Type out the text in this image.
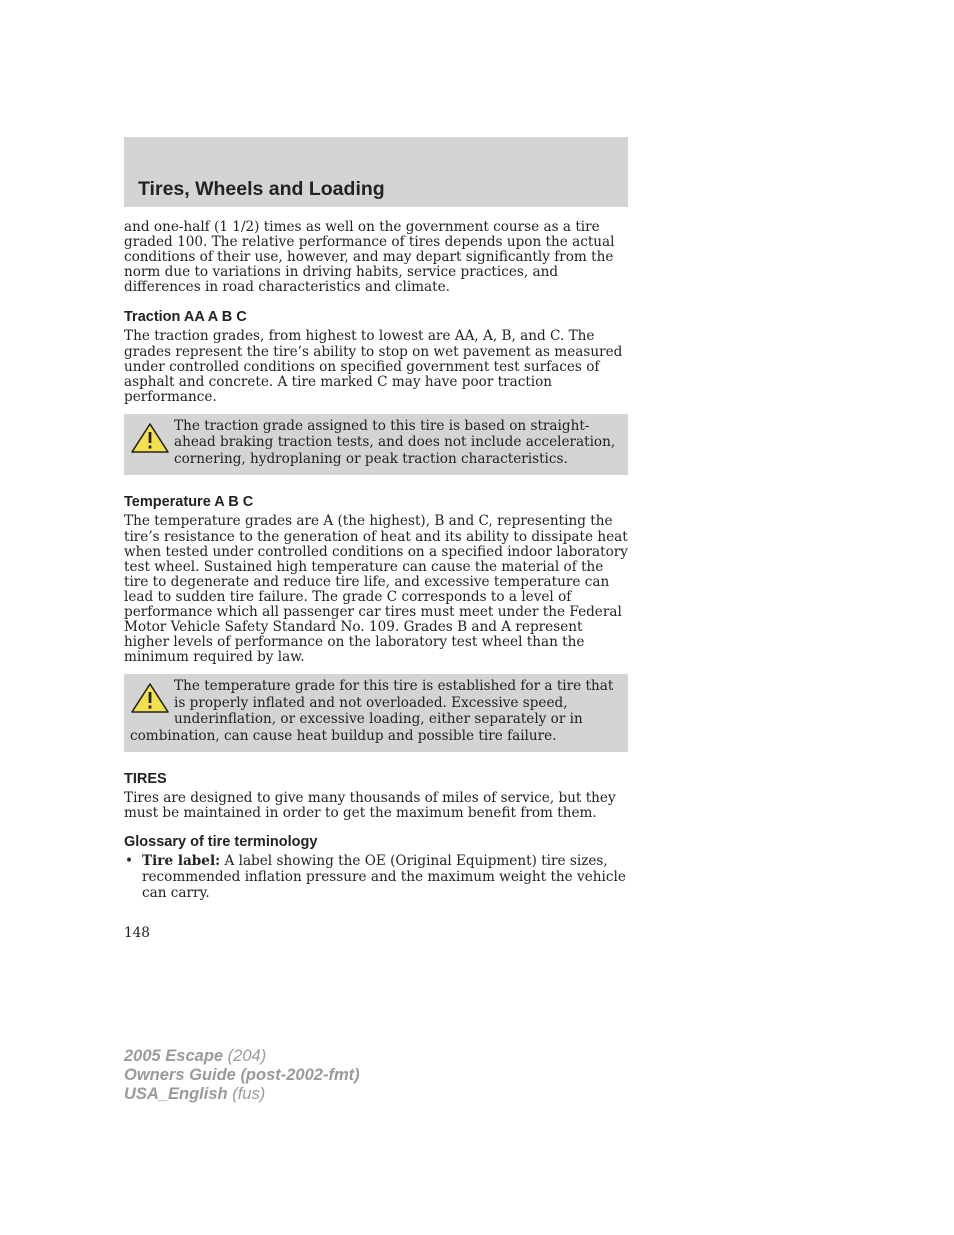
Tires, Wheels and Loading

and one-half (1 1/2) times as well on the government course as a tire graded 100. The relative performance of tires depends upon the actual conditions of their use, however, and may depart significantly from the norm due to variations in driving habits, service practices, and differences in road characteristics and climate.

Traction AA A B C

The traction grades, from highest to lowest are AA, A, B, and C. The grades represent the tire’s ability to stop on wet pavement as measured under controlled conditions on specified government test surfaces of asphalt and concrete. A tire marked C may have poor traction performance.

The traction grade assigned to this tire is based on straight-ahead braking traction tests, and does not include acceleration, cornering, hydroplaning or peak traction characteristics.
Temperature A B C

The temperature grades are A (the highest), B and C, representing the tire’s resistance to the generation of heat and its ability to dissipate heat when tested under controlled conditions on a specified indoor laboratory test wheel. Sustained high temperature can cause the material of the tire to degenerate and reduce tire life, and excessive temperature can lead to sudden tire failure. The grade C corresponds to a level of performance which all passenger car tires must meet under the Federal Motor Vehicle Safety Standard No. 109. Grades B and A represent higher levels of performance on the laboratory test wheel than the minimum required by law.

The temperature grade for this tire is established for a tire that is properly inflated and not overloaded. Excessive speed, underinflation, or excessive loading, either separately or in combination, can cause heat buildup and possible tire failure.
TIRES

Tires are designed to give many thousands of miles of service, but they must be maintained in order to get the maximum benefit from them.

Glossary of tire terminology
• Tire label: A label showing the OE (Original Equipment) tire sizes, recommended inflation pressure and the maximum weight the vehicle can carry.
148
2005 Escape (204)
Owners Guide (post-2002-fmt)
USA_English (fus)
